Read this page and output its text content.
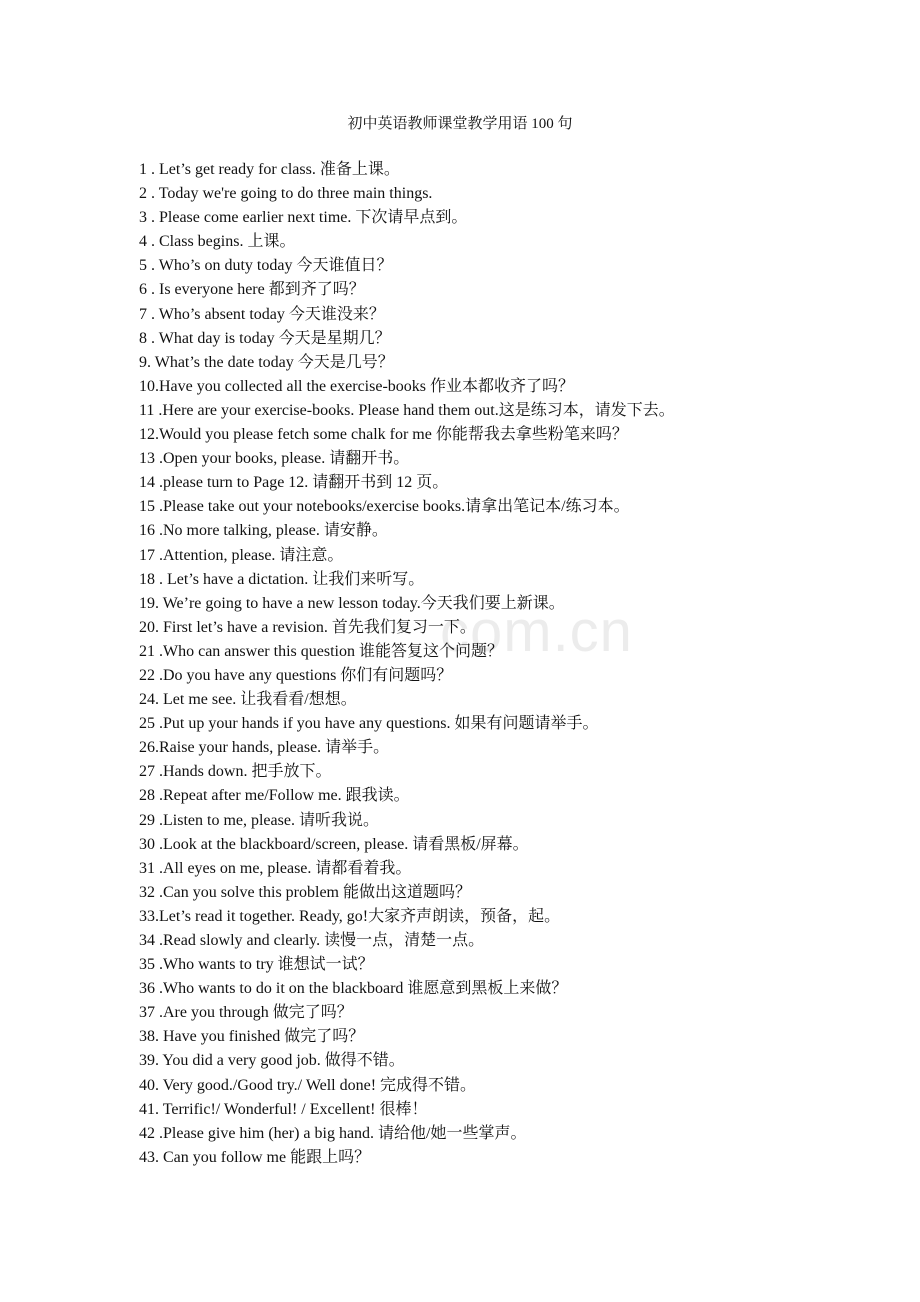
初中英语教师课堂教学用语 100 句
com.cn
1 . Let’s get ready for class. 准备上课。
2 . Today we're going to do three main things.
3 . Please come earlier next time. 下次请早点到。
4 . Class begins. 上课。
5 . Who’s on duty today 今天谁值日？
6 . Is everyone here 都到齐了吗？
7 . Who’s absent today 今天谁没来？
8 . What day is today 今天是星期几？
9. What’s the date today 今天是几号？
10.Have you collected all the exercise-books 作业本都收齐了吗？
11 .Here are your exercise-books. Please hand them out.这是练习本，请发下去。
12.Would you please fetch some chalk for me 你能帮我去拿些粉笔来吗？
13 .Open your books, please. 请翻开书。
14 .please turn to Page 12. 请翻开书到 12 页。
15 .Please take out your notebooks/exercise books.请拿出笔记本/练习本。
16 .No more talking, please. 请安静。
17 .Attention, please. 请注意。
18 . Let’s have a dictation. 让我们来听写。
19. We’re going to have a new lesson today.今天我们要上新课。
20. First let’s have a revision. 首先我们复习一下。
21 .Who can answer this question 谁能答复这个问题？
22 .Do you have any questions 你们有问题吗？
24. Let me see. 让我看看/想想。
25 .Put up your hands if you have any questions. 如果有问题请举手。
26.Raise your hands, please. 请举手。
27 .Hands down. 把手放下。
28 .Repeat after me/Follow me. 跟我读。
29 .Listen to me, please. 请听我说。
30 .Look at the blackboard/screen, please. 请看黑板/屏幕。
31 .All eyes on me, please. 请都看着我。
32 .Can you solve this problem 能做出这道题吗？
33.Let’s read it together. Ready, go!大家齐声朗读，预备，起。
34 .Read slowly and clearly. 读慢一点，清楚一点。
35 .Who wants to try 谁想试一试？
36 .Who wants to do it on the blackboard 谁愿意到黑板上来做？
37 .Are you through 做完了吗？
38. Have you finished 做完了吗？
39. You did a very good job. 做得不错。
40. Very good./Good try./ Well done! 完成得不错。
41. Terrific!/ Wonderful! / Excellent! 很棒！
42 .Please give him (her) a big hand. 请给他/她一些掌声。
43. Can you follow me 能跟上吗？
